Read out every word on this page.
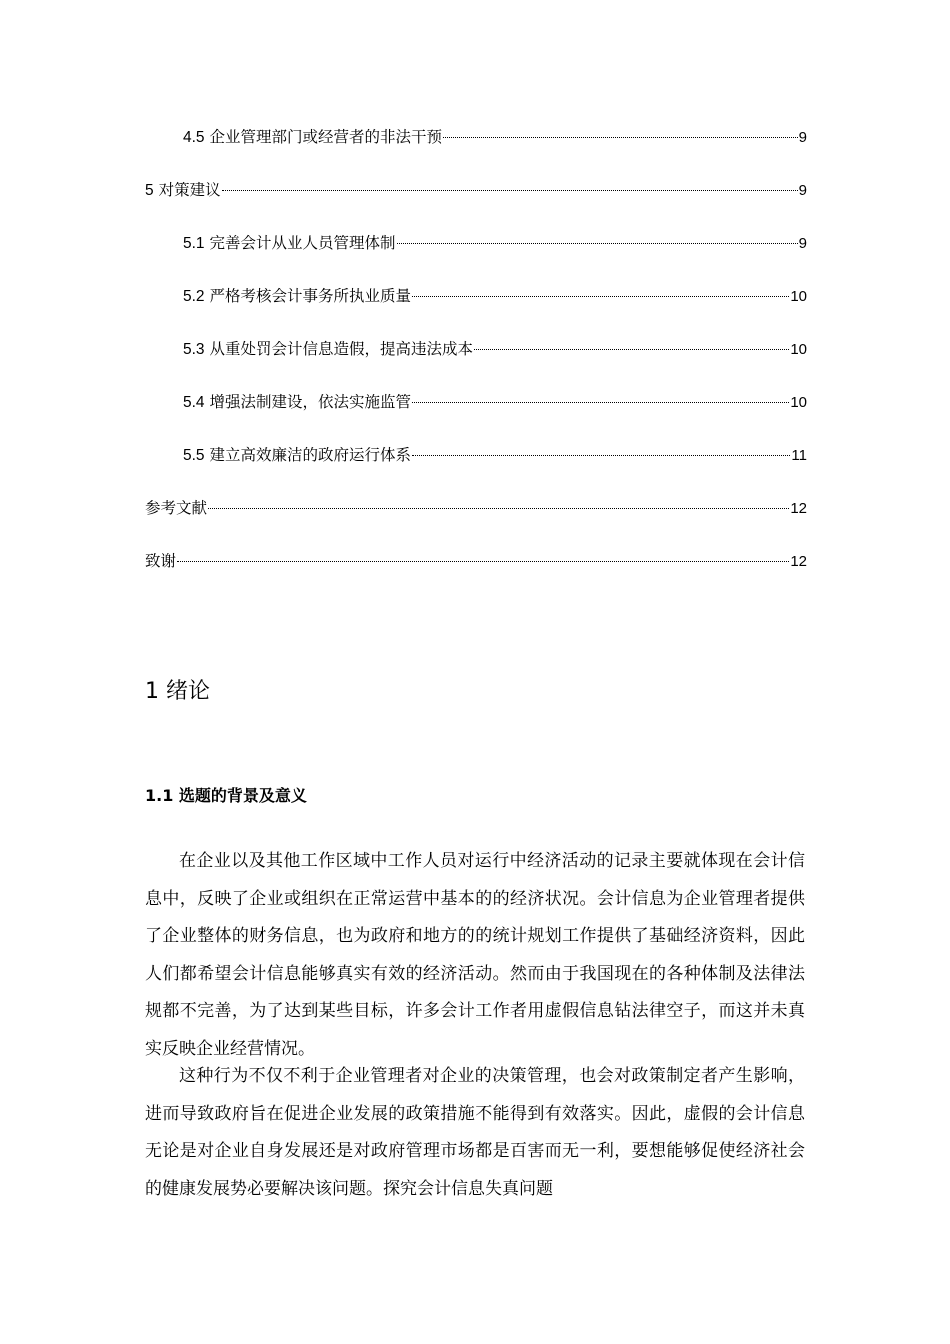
4.5 企业管理部门或经营者的非法干预	9
5 对策建议	9
5.1 完善会计从业人员管理体制	9
5.2 严格考核会计事务所执业质量	10
5.3 从重处罚会计信息造假，提高违法成本	10
5.4 增强法制建设，依法实施监管	10
5.5 建立高效廉洁的政府运行体系	11
参考文献	12
致谢	12
1 绪论
1.1 选题的背景及意义

在企业以及其他工作区域中工作人员对运行中经济活动的记录主要就体现在会计信息中，反映了企业或组织在正常运营中基本的的经济状况。会计信息为企业管理者提供了企业整体的财务信息，也为政府和地方的的统计规划工作提供了基础经济资料，因此人们都希望会计信息能够真实有效的经济活动。然而由于我国现在的各种体制及法律法规都不完善，为了达到某些目标，许多会计工作者用虚假信息钻法律空子，而这并未真实反映企业经营情况。

这种行为不仅不利于企业管理者对企业的决策管理，也会对政策制定者产生影响，进而导致政府旨在促进企业发展的政策措施不能得到有效落实。因此，虚假的会计信息无论是对企业自身发展还是对政府管理市场都是百害而无一利，要想能够促使经济社会的健康发展势必要解决该问题。探究会计信息失真问题
